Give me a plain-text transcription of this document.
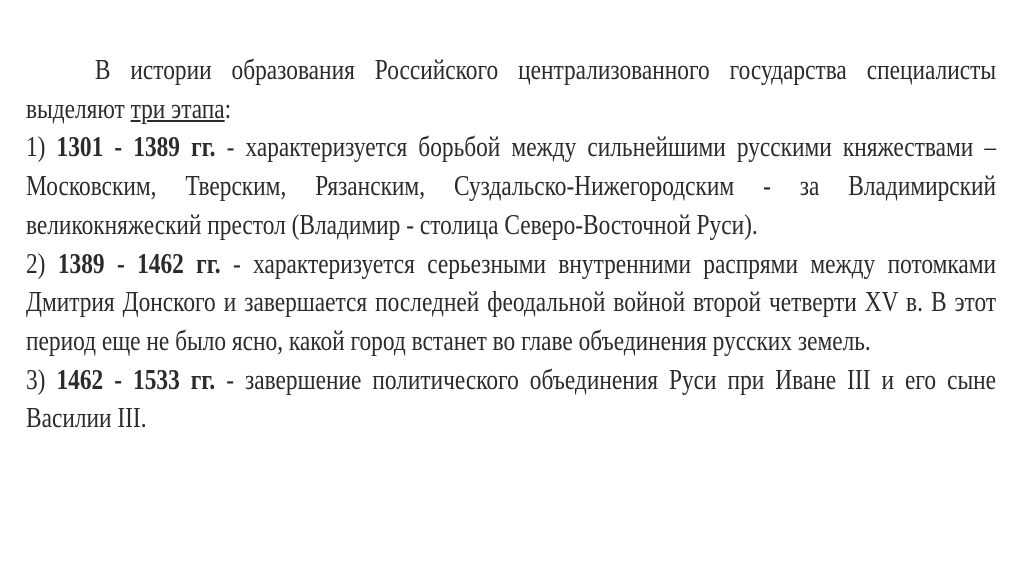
В истории образования Российского централизованного государства специалисты выделяют три этапа:

1) 1301 - 1389 гг. - характеризуется борьбой между сильнейшими русскими княжествами – Московским, Тверским, Рязанским, Суздальско-Нижегородским - за Владимирский великокняжеский престол (Владимир - столица Северо-Восточной Руси).

2) 1389 - 1462 гг. - характеризуется серьезными внутренними распрями между потомками Дмитрия Донского и завершается последней феодальной войной второй четверти XV в. В этот период еще не было ясно, какой город встанет во главе объединения русских земель.

3) 1462 - 1533 гг. - завершение политического объединения Руси при Иване III и его сыне Василии III.
